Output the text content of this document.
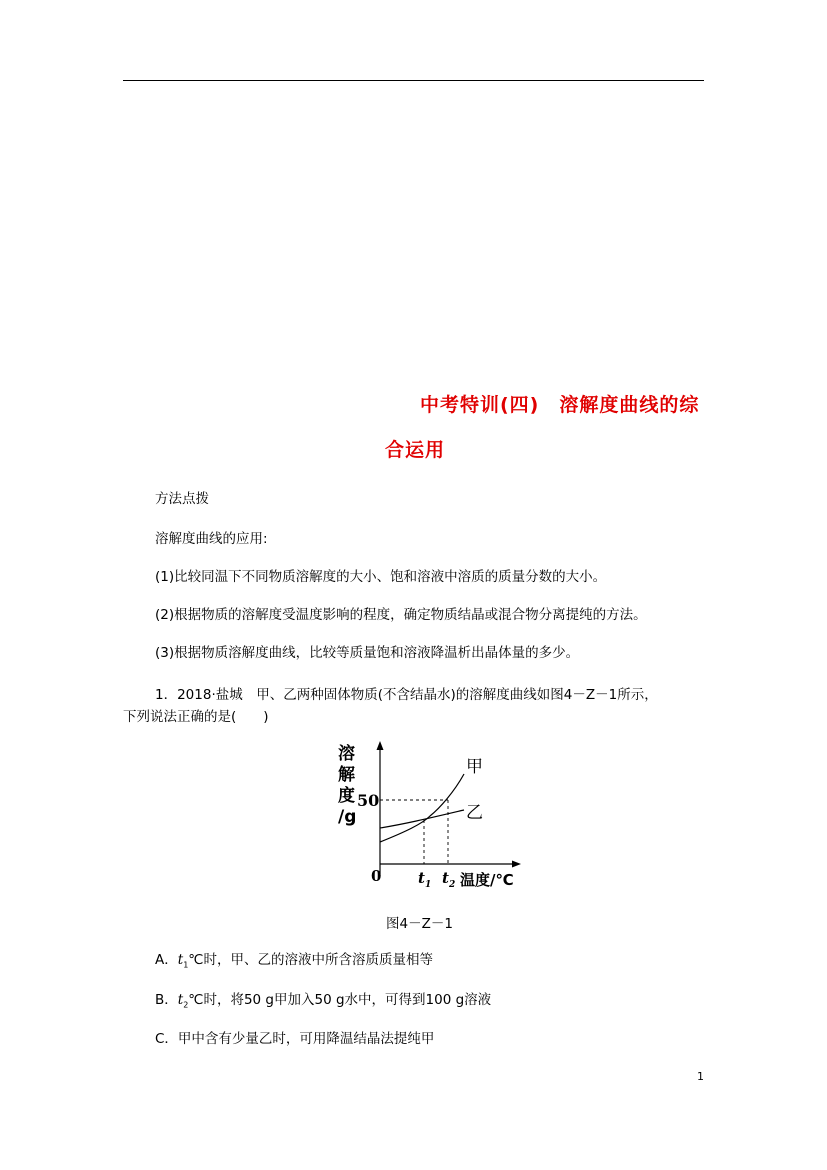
中考特训(四)　溶解度曲线的综
合运用
方法点拨
溶解度曲线的应用:
(1)比较同温下不同物质溶解度的大小、饱和溶液中溶质的质量分数的大小。
(2)根据物质的溶解度受温度影响的程度，确定物质结晶或混合物分离提纯的方法。
(3)根据物质溶解度曲线，比较等质量饱和溶液降温析出晶体量的多少。
1．2018·盐城　甲、乙两种固体物质(不含结晶水)的溶解度曲线如图4－Z－1所示，
下列说法正确的是(　　)
溶
解
度
/g
50
甲
乙
0 $t_1$ $t_2$ 温度/℃
图4－Z－1
A．$t_1℃$时，甲、乙的溶液中所含溶质质量相等
B．$t_2℃$时，将50 g甲加入50 g水中，可得到100 g溶液
C．甲中含有少量乙时，可用降温结晶法提纯甲
1
